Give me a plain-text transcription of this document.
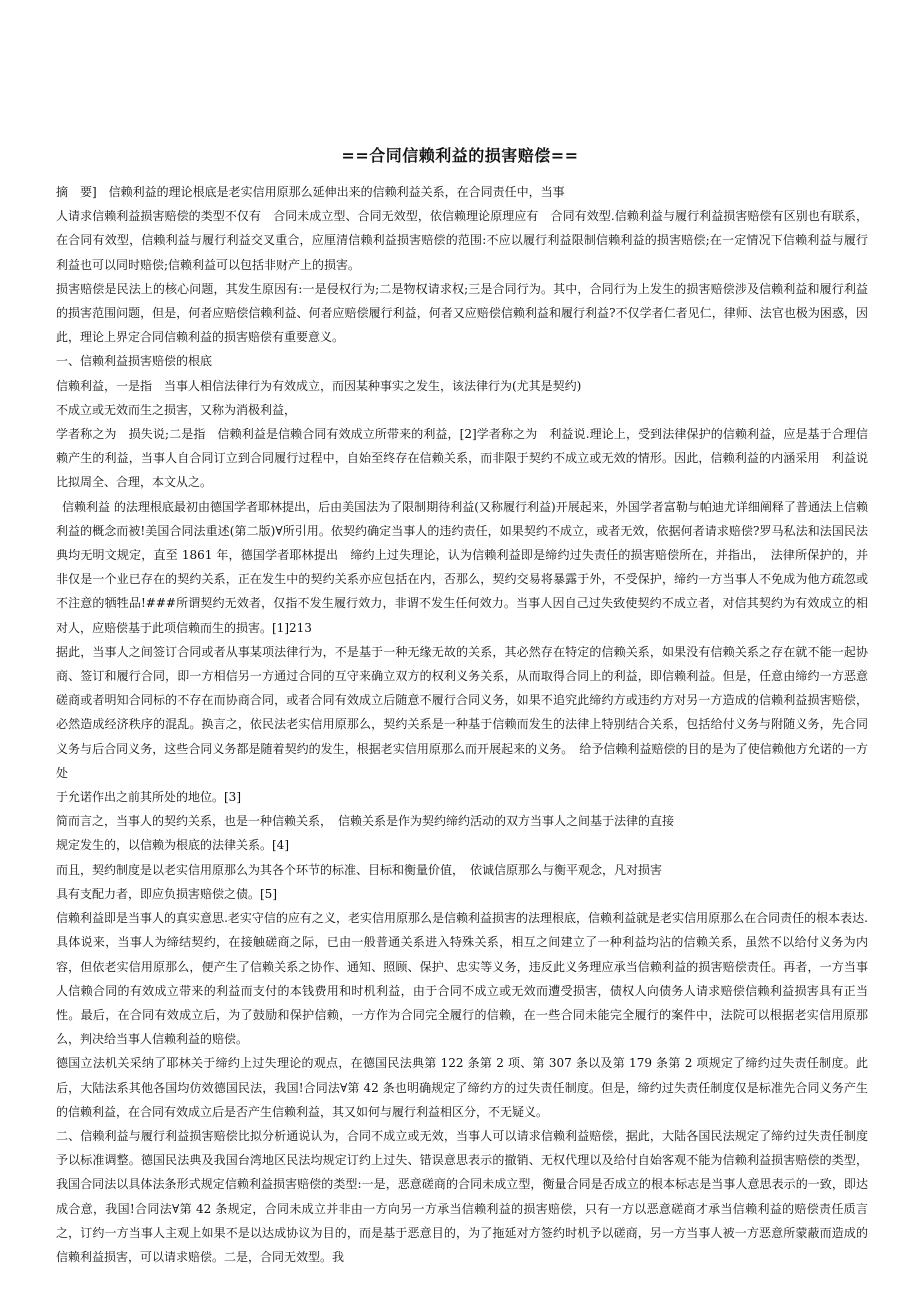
==合同信赖利益的损害赔偿==

摘　要]　信赖利益的理论根底是老实信用原那么延伸出来的信赖利益关系，在合同责任中，当事

人请求信赖利益损害赔偿的类型不仅有　合同未成立型、合同无效型，依信赖理论原理应有　合同有效型.信赖利益与履行利益损害赔偿有区别也有联系，在合同有效型，信赖利益与履行利益交叉重合，应厘清信赖利益损害赔偿的范围:不应以履行利益限制信赖利益的损害赔偿;在一定情况下信赖利益与履行利益也可以同时赔偿;信赖利益可以包括非财产上的损害。

损害赔偿是民法上的核心问题，其发生原因有:一是侵权行为;二是物权请求权;三是合同行为。其中，合同行为上发生的损害赔偿涉及信赖利益和履行利益的损害范围问题，但是，何者应赔偿信赖利益、何者应赔偿履行利益，何者又应赔偿信赖利益和履行利益?不仅学者仁者见仁，律师、法官也极为困惑，因此，理论上界定合同信赖利益的损害赔偿有重要意义。

一、信赖利益损害赔偿的根底

信赖利益，一是指　当事人相信法律行为有效成立，而因某种事实之发生，该法律行为(尤其是契约)

不成立或无效而生之损害，又称为消极利益，

学者称之为　损失说;二是指　信赖利益是信赖合同有效成立所带来的利益，[2]学者称之为　利益说.理论上，受到法律保护的信赖利益，应是基于合理信赖产生的利益，当事人自合同订立到合同履行过程中，自始至终存在信赖关系，而非限于契约不成立或无效的情形。因此，信赖利益的内涵采用　利益说 比拟周全、合理，本文从之。

信赖利益 的法理根底最初由德国学者耶林提出，后由美国法为了限制期待利益(又称履行利益)开展起来，外国学者富勒与帕迪尤详细阐释了普通法上信赖利益的概念而被!美国合同法重述(第二版)∀所引用。依契约确定当事人的违约责任，如果契约不成立，或者无效，依据何者请求赔偿?罗马私法和法国民法典均无明文规定，直至 1861 年，德国学者耶林提出　缔约上过失理论，认为信赖利益即是缔约过失责任的损害赔偿所在，并指出，　法律所保护的，并非仅是一个业已存在的契约关系，正在发生中的契约关系亦应包括在内，否那么，契约交易将暴露于外，不受保护，缔约一方当事人不免成为他方疏忽或不注意的牺牲品!###所谓契约无效者，仅指不发生履行效力，非谓不发生任何效力。当事人因自己过失致使契约不成立者，对信其契约为有效成立的相对人，应赔偿基于此项信赖而生的损害。[1]213

据此，当事人之间签订合同或者从事某项法律行为，不是基于一种无缘无故的关系，其必然存在特定的信赖关系，如果没有信赖关系之存在就不能一起协商、签订和履行合同，即一方相信另一方通过合同的互守来确立双方的权利义务关系，从而取得合同上的利益，即信赖利益。但是，任意由缔约一方恶意磋商或者明知合同标的不存在而协商合同，或者合同有效成立后随意不履行合同义务，如果不追究此缔约方或违约方对另一方造成的信赖利益损害赔偿，必然造成经济秩序的混乱。换言之，依民法老实信用原那么，契约关系是一种基于信赖而发生的法律上特别结合关系，包括给付义务与附随义务，先合同义务与后合同义务，这些合同义务都是随着契约的发生，根据老实信用原那么而开展起来的义务。　给予信赖利益赔偿的目的是为了使信赖他方允诺的一方处

于允诺作出之前其所处的地位。[3]

简而言之，当事人的契约关系，也是一种信赖关系，　信赖关系是作为契约缔约活动的双方当事人之间基于法律的直接

规定发生的，以信赖为根底的法律关系。[4]

而且，契约制度是以老实信用原那么为其各个环节的标准、目标和衡量价值，　依诚信原那么与衡平观念，凡对损害

具有支配力者，即应负损害赔偿之债。[5]

信赖利益即是当事人的真实意思.老实守信的应有之义，老实信用原那么是信赖利益损害的法理根底，信赖利益就是老实信用原那么在合同责任的根本表达.具体说来，当事人为缔结契约，在接触磋商之际，已由一般普通关系进入特殊关系，相互之间建立了一种利益均沾的信赖关系，虽然不以给付义务为内容，但依老实信用原那么，便产生了信赖关系之协作、通知、照顾、保护、忠实等义务，违反此义务理应承当信赖利益的损害赔偿责任。再者，一方当事人信赖合同的有效成立带来的利益而支付的本钱费用和时机利益，由于合同不成立或无效而遭受损害，债权人向债务人请求赔偿信赖利益损害具有正当性。最后，在合同有效成立后，为了鼓励和保护信赖，一方作为合同完全履行的信赖，在一些合同未能完全履行的案件中，法院可以根据老实信用原那么，判决给当事人信赖利益的赔偿。

德国立法机关采纳了耶林关于缔约上过失理论的观点，在德国民法典第 122 条第 2 项、第 307 条以及第 179 条第 2 项规定了缔约过失责任制度。此后，大陆法系其他各国均仿效德国民法，我国!合同法∀第 42 条也明确规定了缔约方的过失责任制度。但是，缔约过失责任制度仅是标准先合同义务产生的信赖利益，在合同有效成立后是否产生信赖利益，其又如何与履行利益相区分，不无疑义。

二、信赖利益与履行利益损害赔偿比拟分析通说认为，合同不成立或无效，当事人可以请求信赖利益赔偿，据此，大陆各国民法规定了缔约过失责任制度予以标准调整。德国民法典及我国台湾地区民法均规定订约上过失、错误意思表示的撤销、无权代理以及给付自始客观不能为信赖利益损害赔偿的类型，我国合同法以具体法条形式规定信赖利益损害赔偿的类型:一是，恶意磋商的合同未成立型，衡量合同是否成立的根本标志是当事人意思表示的一致，即达成合意，我国!合同法∀第 42 条规定，合同未成立并非由一方向另一方承当信赖利益的损害赔偿，只有一方以恶意磋商才承当信赖利益的赔偿责任质言之，订约一方当事人主观上如果不是以达成协议为目的，而是基于恶意目的，为了拖延对方签约时机予以磋商，另一方当事人被一方恶意所蒙蔽而造成的信赖利益损害，可以请求赔偿。二是，合同无效型。我
